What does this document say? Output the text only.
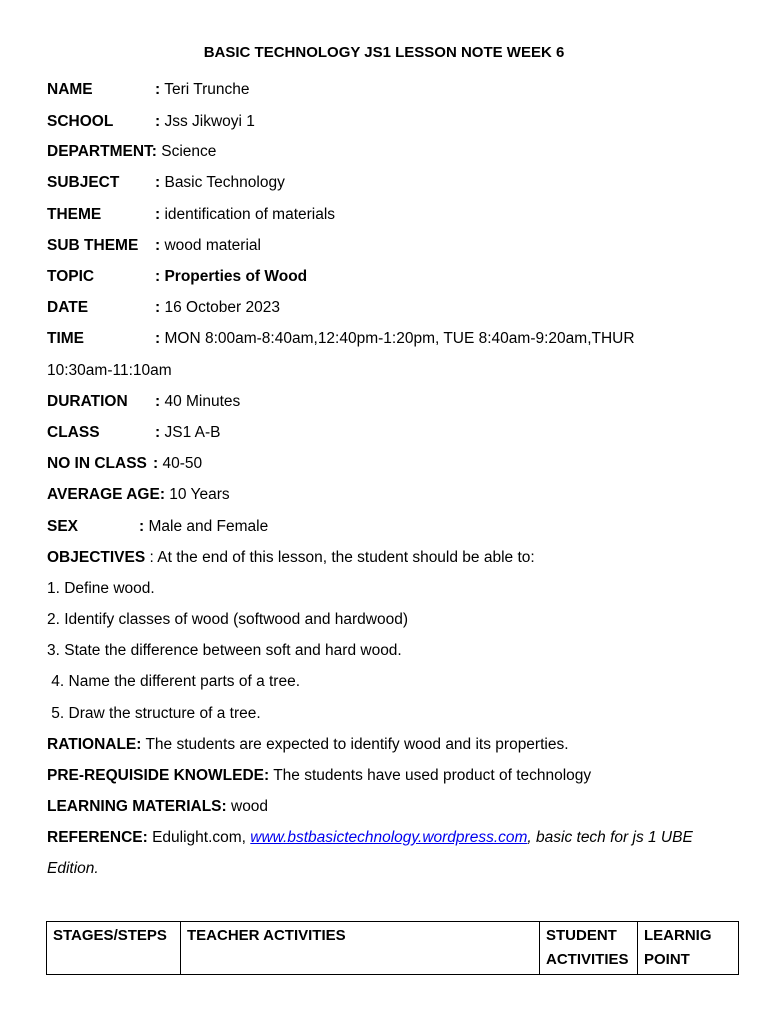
BASIC TECHNOLOGY JS1 LESSON NOTE WEEK 6
NAME	: Teri Trunche
SCHOOL	: Jss Jikwoyi 1
DEPARTMENT: Science
SUBJECT : Basic Technology
THEME	: identification of materials
SUB THEME : wood material
TOPIC	: Properties of Wood
DATE	: 16 October 2023
TIME	: MON 8:00am-8:40am,12:40pm-1:20pm, TUE 8:40am-9:20am,THUR
10:30am-11:10am
DURATION : 40 Minutes
CLASS	: JS1 A-B
NO IN CLASS : 40-50
AVERAGE AGE: 10 Years
SEX	: Male and Female
OBJECTIVES : At the end of this lesson, the student should be able to:
1. Define wood.
2. Identify classes of wood (softwood and hardwood)
3. State the difference between soft and hard wood.
4. Name the different parts of a tree.
5. Draw the structure of a tree.
RATIONALE: The students are expected to identify wood and its properties.
PRE-REQUISIDE KNOWLEDE: The students have used product of technology
LEARNING MATERIALS: wood
REFERENCE: Edulight.com, www.bstbasictechnology.wordpress.com, basic tech for js 1 UBE
Edition.
STAGES/STEPS	TEACHER ACTIVITIES	STUDENT ACTIVITIES	LEARNIG POINT
